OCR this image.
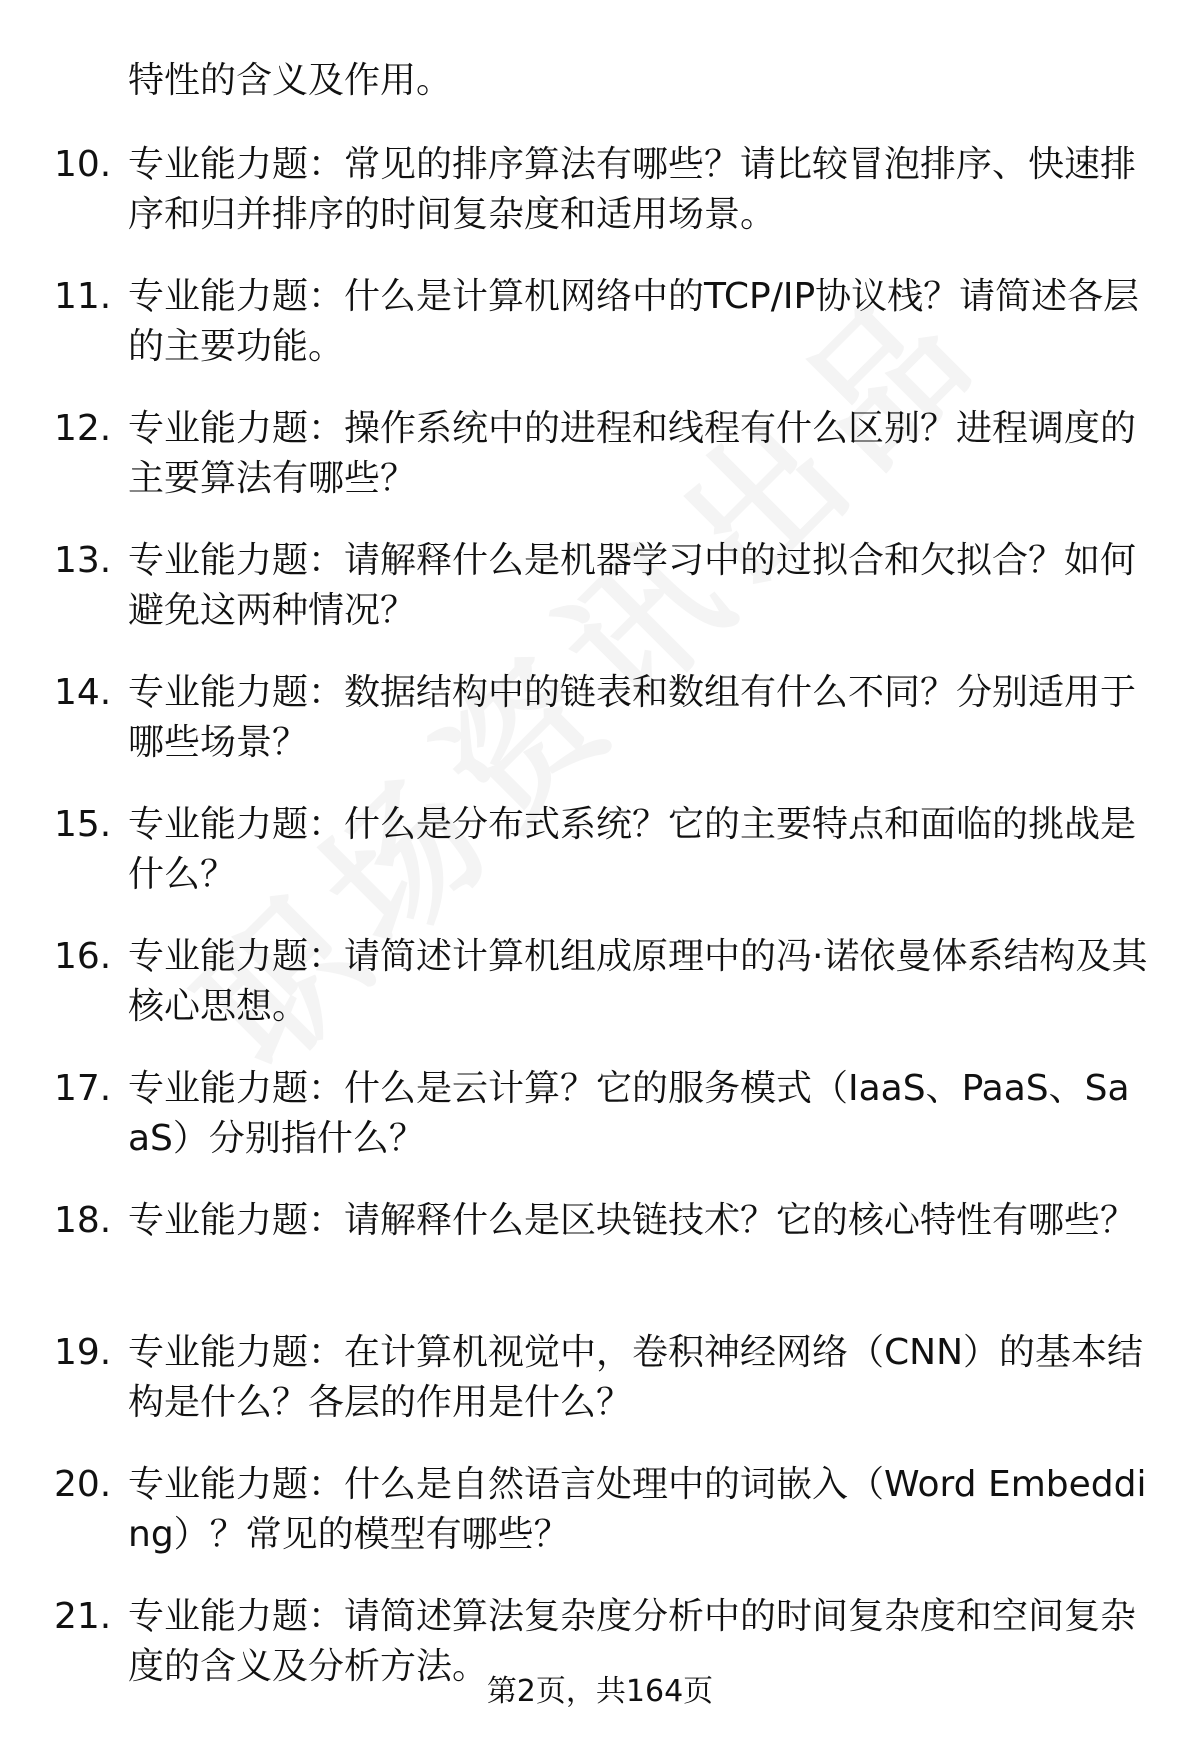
特性的含义及作用。
10. 专业能力题：常见的排序算法有哪些？请比较冒泡排序、快速排序和归并排序的时间复杂度和适用场景。
11. 专业能力题：什么是计算机网络中的TCP/IP协议栈？请简述各层的主要功能。
12. 专业能力题：操作系统中的进程和线程有什么区别？进程调度的主要算法有哪些？
13. 专业能力题：请解释什么是机器学习中的过拟合和欠拟合？如何避免这两种情况？
14. 专业能力题：数据结构中的链表和数组有什么不同？分别适用于哪些场景？
15. 专业能力题：什么是分布式系统？它的主要特点和面临的挑战是什么？
16. 专业能力题：请简述计算机组成原理中的冯·诺依曼体系结构及其核心思想。
17. 专业能力题：什么是云计算？它的服务模式（IaaS、PaaS、SaaS）分别指什么？
18. 专业能力题：请解释什么是区块链技术？它的核心特性有哪些？
19. 专业能力题：在计算机视觉中，卷积神经网络（CNN）的基本结构是什么？各层的作用是什么？
20. 专业能力题：什么是自然语言处理中的词嵌入（Word Embedding）？常见的模型有哪些？
21. 专业能力题：请简述算法复杂度分析中的时间复杂度和空间复杂度的含义及分析方法。
第2页，共164页
